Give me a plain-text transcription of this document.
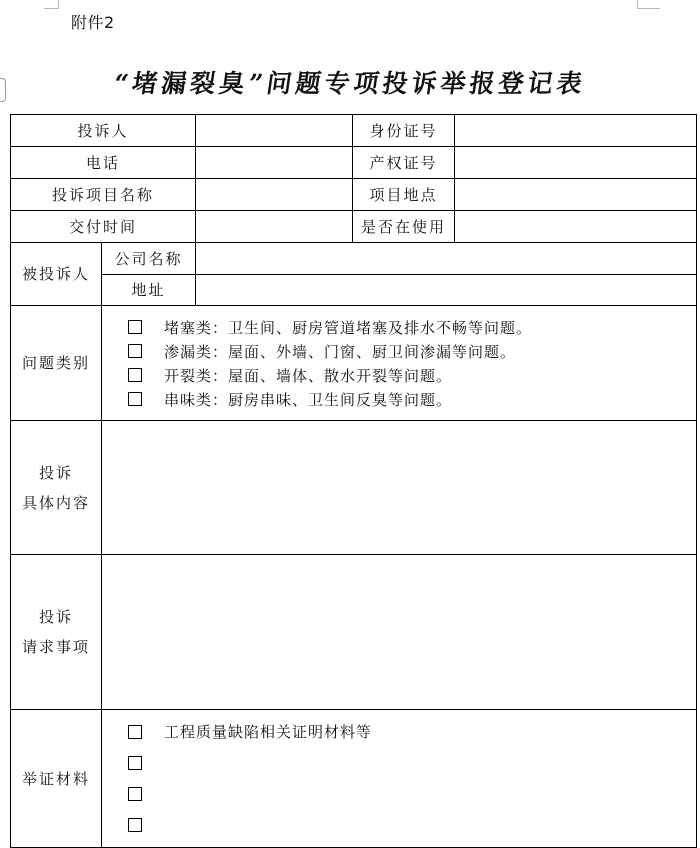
附件2
“堵漏裂臭”问题专项投诉举报登记表
投诉人			身份证号	
电话			产权证号	
投诉项目名称			项目地点	
交付时间			是否在使用	
被投诉人	公司名称			
	地址			
问题类别	堵塞类：卫生间、厨房管道堵塞及排水不畅等问题。
渗漏类：屋面、外墙、门窗、厨卫间渗漏等问题。
开裂类：屋面、墙体、散水开裂等问题。
串味类：厨房串味、卫生间反臭等问题。			

投诉
具体内容				

投诉
请求事项				

举证材料	工程质量缺陷相关证明材料等			
